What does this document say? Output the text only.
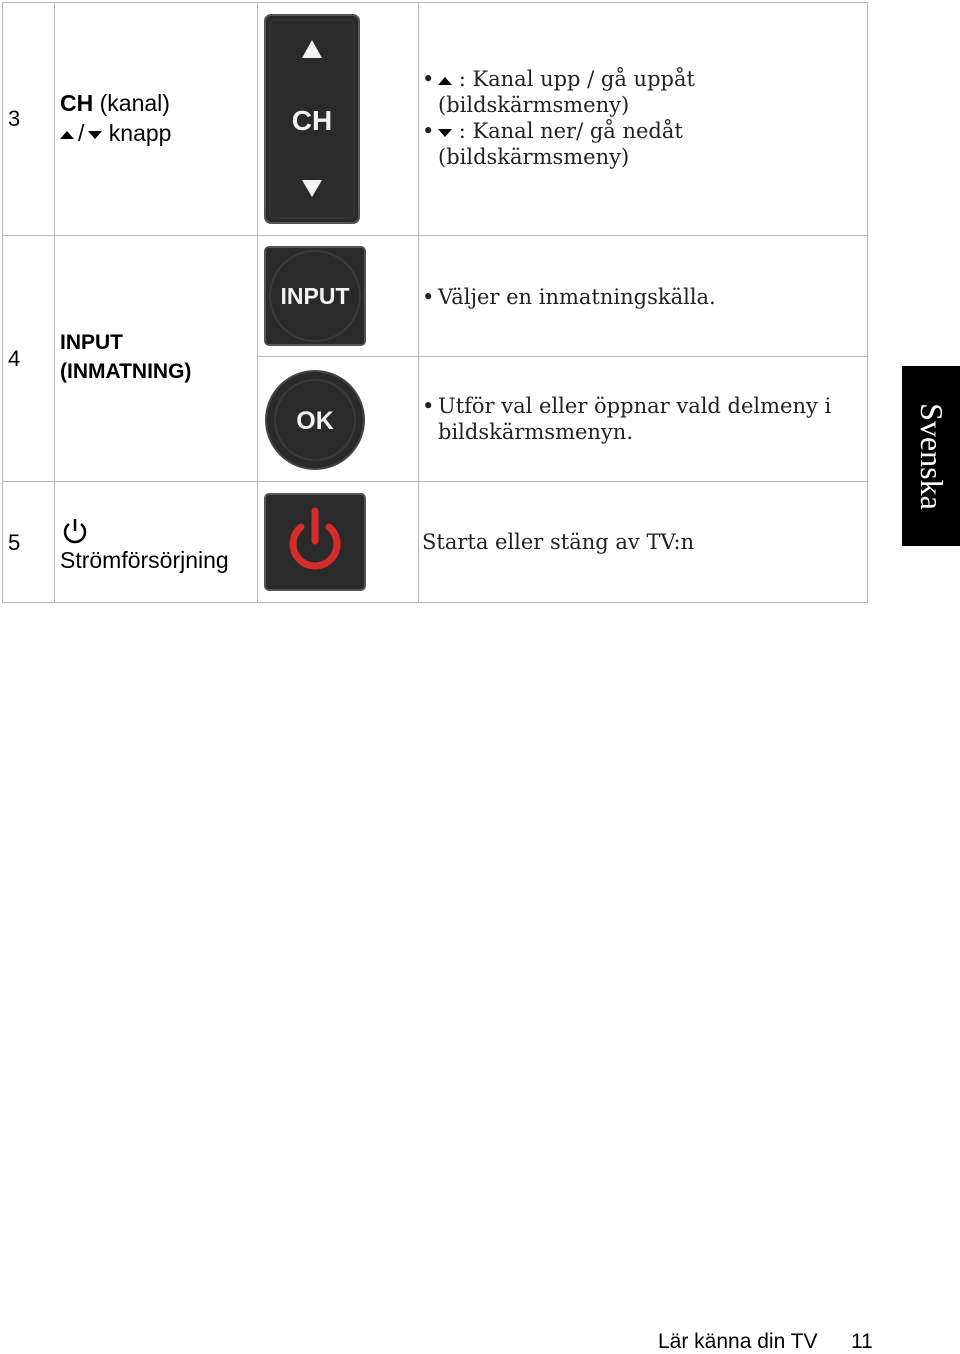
3
CH (kanal)
/ knapp	CH
• : Kanal upp / gå uppåt
(bildskärmsmeny)
• : Kanal ner/ gå nedåt
(bildskärmsmeny)
4
INPUT
(INMATNING)
INPUT	• Väljer en inmatningskälla.
OK
• Utför val eller öppnar vald delmeny i
bildskärmsmenyn.
5
Strömförsörjning
Starta eller stäng av TV:n
Svenska
Lär känna din TV 11
